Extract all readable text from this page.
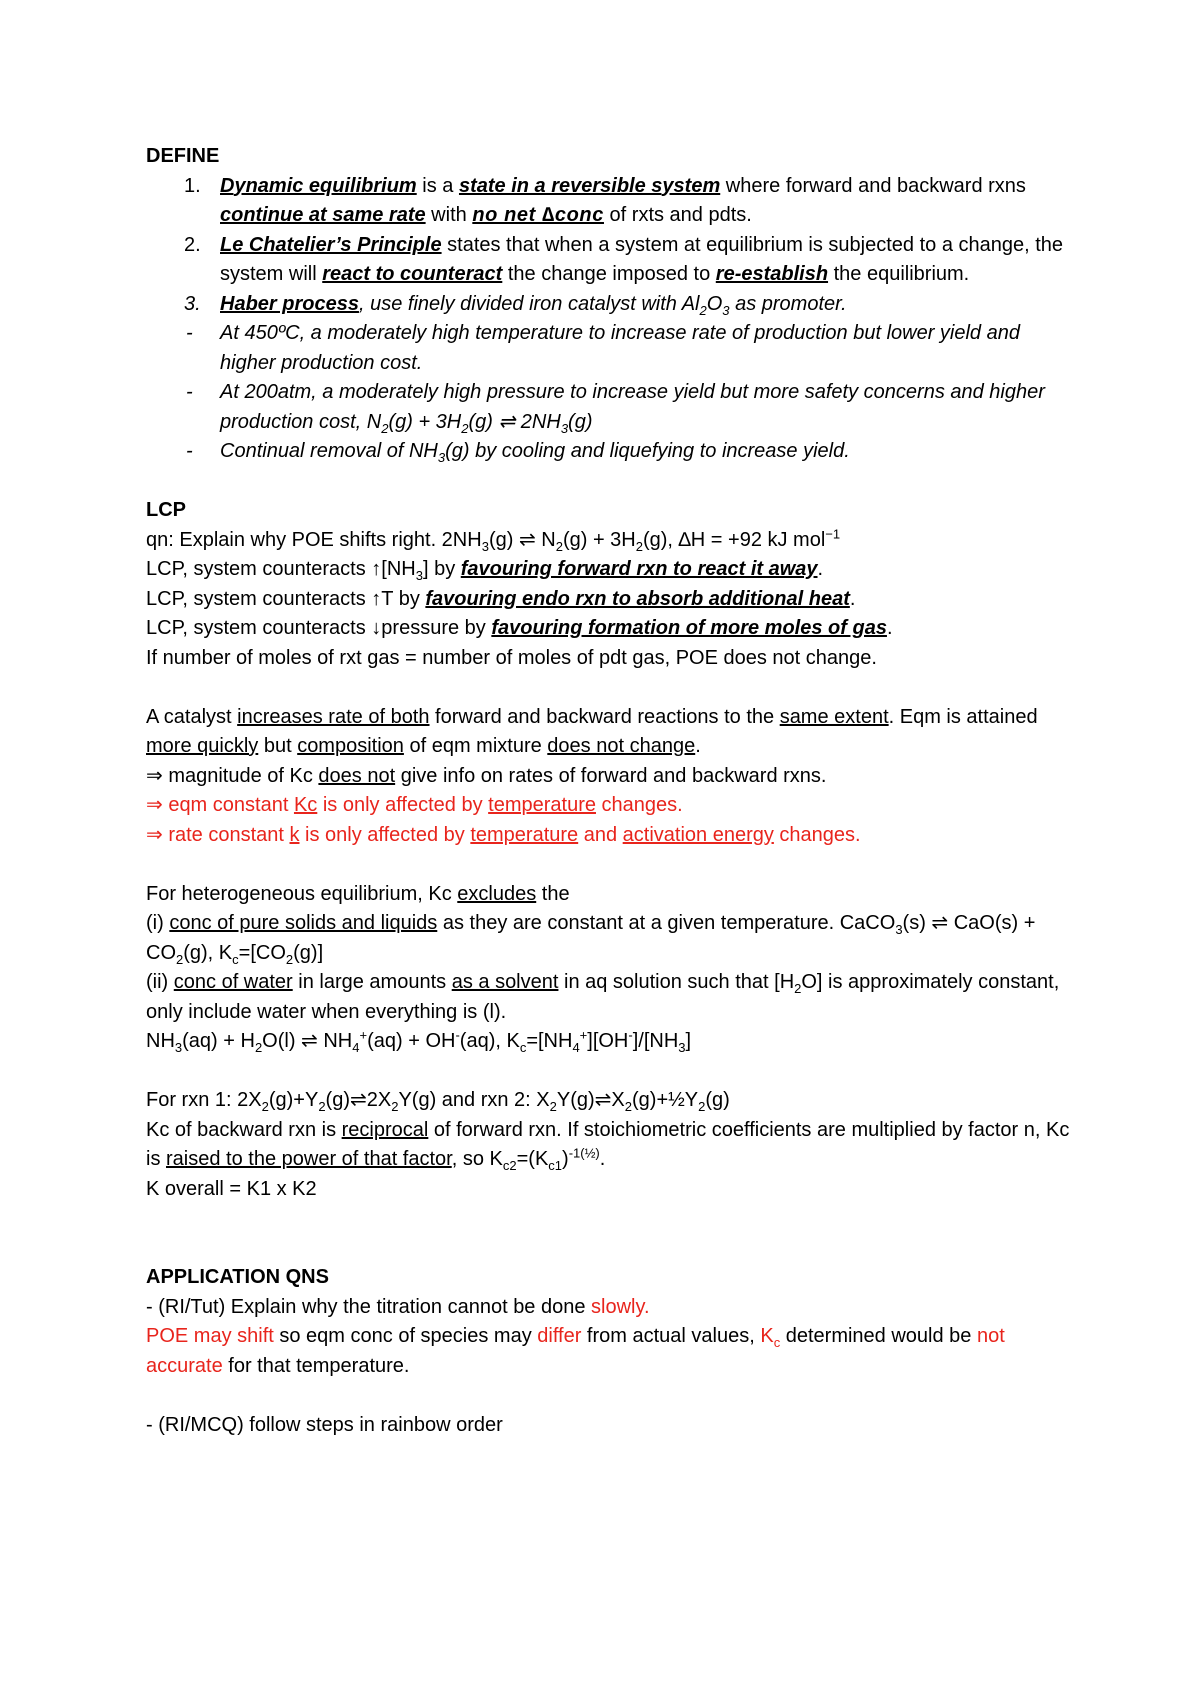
DEFINE
1. Dynamic equilibrium is a state in a reversible system where forward and backward rxns continue at same rate with no net ∆conc of rxts and pdts.
2. Le Chatelier’s Principle states that when a system at equilibrium is subjected to a change, the system will react to counteract the change imposed to re-establish the equilibrium.
3. Haber process, use finely divided iron catalyst with $Al_2O_3$ as promoter.
- At 450ºC, a moderately high temperature to increase rate of production but lower yield and higher production cost.
- At 200atm, a moderately high pressure to increase yield but more safety concerns and higher production cost, $N_2(g) + 3H_2(g)$ ⇌ $2NH_3(g)$
- Continual removal of $NH_3(g)$ by cooling and liquefying to increase yield.
LCP
qn: Explain why POE shifts right. $2NH_3(g)$ ⇌ $N_2(g) + 3H_2(g)$, ∆H = +92 kJ mol$^{-1}$
LCP, system counteracts $↑[NH_3]$ by favouring forward rxn to react it away.
LCP, system counteracts ↑T by favouring endo rxn to absorb additional heat.
LCP, system counteracts ↓pressure by favouring formation of more moles of gas.
If number of moles of rxt gas = number of moles of pdt gas, POE does not change.
A catalyst increases rate of both forward and backward reactions to the same extent. Eqm is attained more quickly but composition of eqm mixture does not change.
⇒ magnitude of Kc does not give info on rates of forward and backward rxns.
⇒ eqm constant Kc is only affected by temperature changes.
⇒ rate constant k is only affected by temperature and activation energy changes.
For heterogeneous equilibrium, Kc excludes the
(i) conc of pure solids and liquids as they are constant at a given temperature. CaCO$_3$(s) ⇌ $CaO(s) + CO_2(g)$, $K_c=[CO_2(g)]$
(ii) conc of water in large amounts as a solvent in aq solution such that $[H_2O]$ is approximately constant, only include water when everything is (l).
$NH_3(aq) + H_2O(l)$ ⇌ $NH_4^+(aq) + OH^-(aq)$, $K_c=[NH_4^+][OH^-]/[NH_3]$
For rxn 1: $2X_2(g)+Y_2(g)\rightleftharpoons 2X_2Y(g)$ and rxn 2: $X_2Y(g)\rightleftharpoons X_2(g)+\frac{1}{2}Y_2(g)$
Kc of backward rxn is reciprocal of forward rxn. If stoichiometric coefficients are multiplied by factor n, Kc is raised to the power of that factor, so $K_{c2}=(K_{c1})^{-1(\frac{1}{2})}$.
K overall = K1 x K2
APPLICATION QNS
- (RI/Tut) Explain why the titration cannot be done slowly.
POE may shift so eqm conc of species may differ from actual values, $K_c$ determined would be not accurate for that temperature.
- (RI/MCQ) follow steps in rainbow order
